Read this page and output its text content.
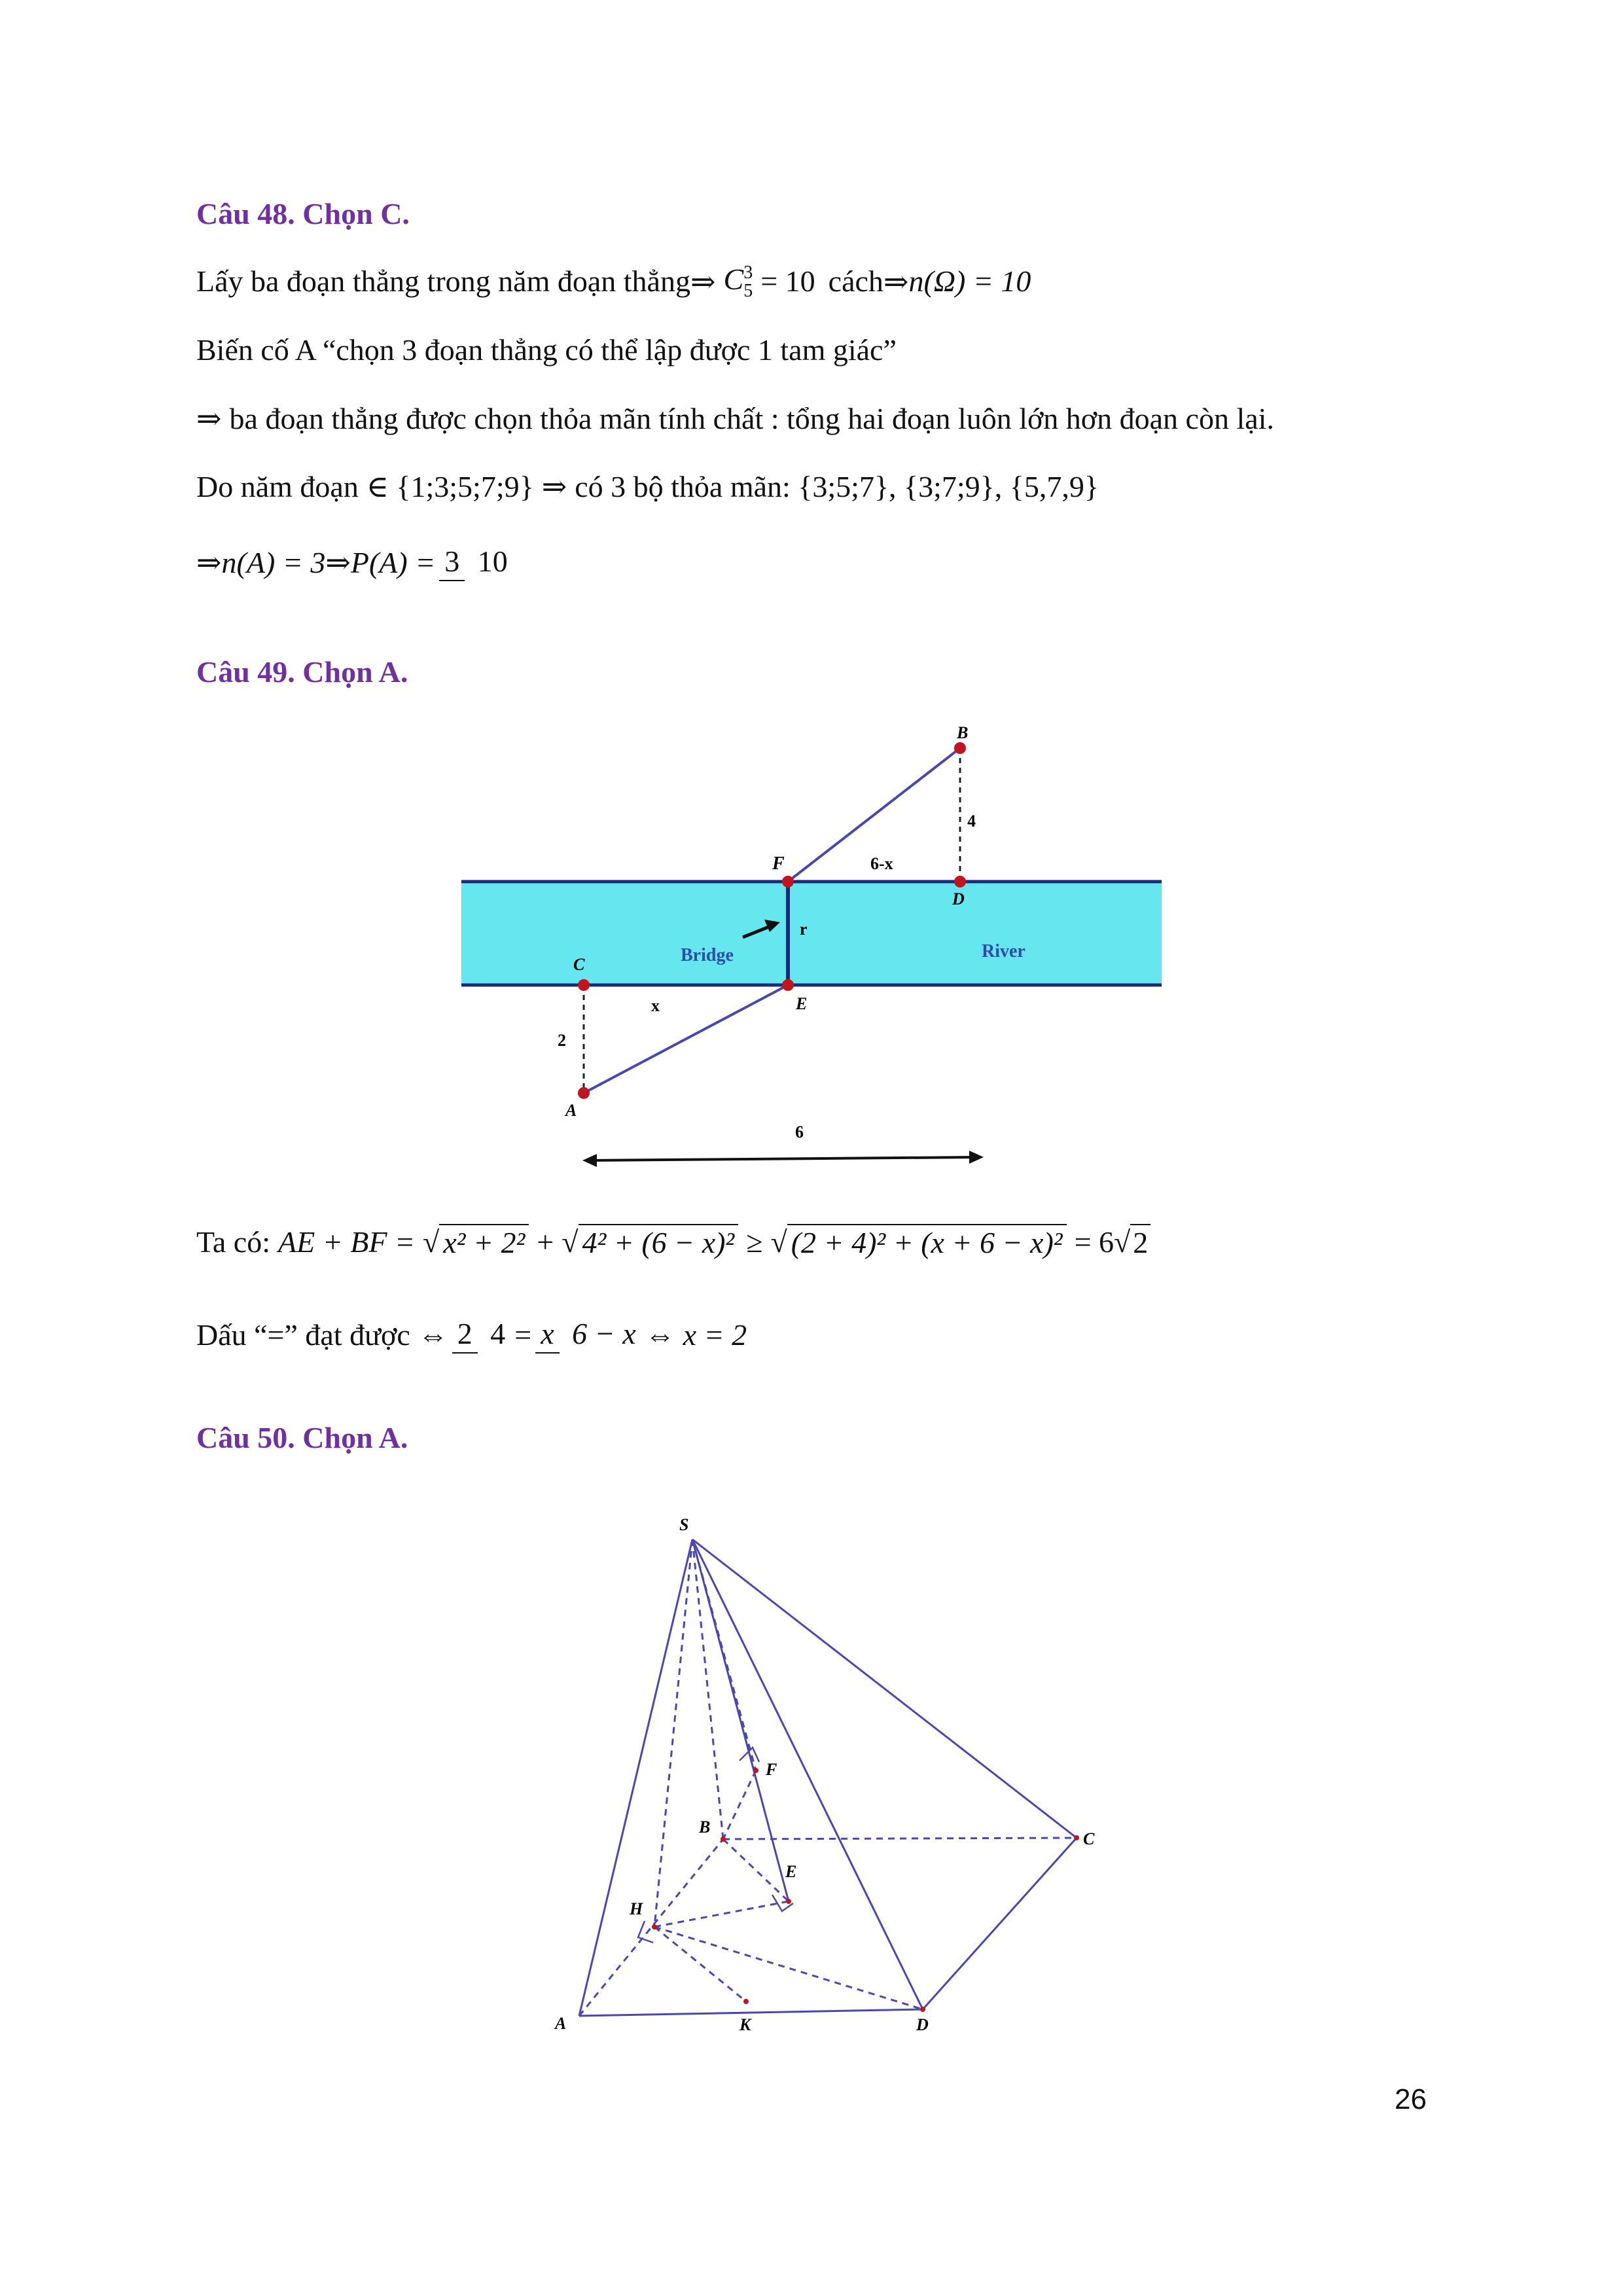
Câu 48. Chọn C.
Lấy ba đoạn thẳng trong năm đoạn thẳng ⇒ C 3
5 = 10 cách ⇒ n(Ω) = 10
Biến cố A “chọn 3 đoạn thẳng có thể lập được 1 tam giác”
⇒ ba đoạn thẳng được chọn thỏa mãn tính chất : tổng hai đoạn luôn lớn hơn đoạn còn lại.
Do năm đoạn ∈ {1;3;5;7;9} ⇒ có 3 bộ thỏa mãn: {3;5;7}, {3;7;9}, {5,7,9}
⇒ n(A) = 3 ⇒ P(A) = 3 10
Câu 49. Chọn A.
B
4
F	6-x
D
r
Bridge	River
C
E
x
2
A
6
S
F
B
C
E
H
A	K	D
Ta có: AE + BF = √ x² + 2² + √ 4² + (6 − x)² ≥ √ (2 + 4)² + (x + 6 − x)² = 6 √ 2
Dấu “=” đạt được ⇔ 2 4 = x 6 − x ⇔ x = 2
Câu 50. Chọn A.
26
